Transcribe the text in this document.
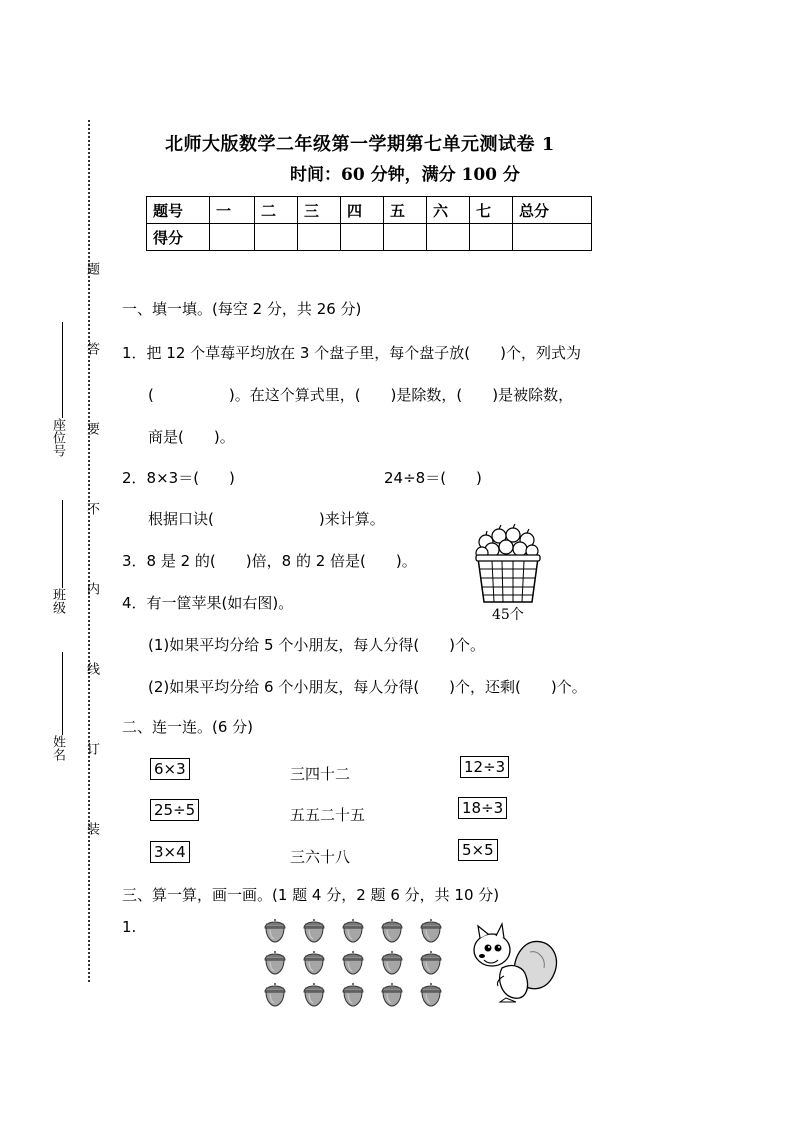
题
答
要
不
内
线
订
装
座位号
班级
姓名
北师大版数学二年级第一学期第七单元测试卷 1
时间：60 分钟，满分 100 分
题号	一	二	三	四	五	六	七	总分
得分								
一、填一填。(每空 2 分，共 26 分)
1．把 12 个草莓平均放在 3 个盘子里，每个盘子放(　　)个，列式为
(　　　　　)。在这个算式里，(　　)是除数，(　　)是被除数，
商是(　　)。
2．8×3＝(　　)	24÷8＝(　　)
根据口诀(　　　　　　　)来计算。
3．8 是 2 的(　　)倍，8 的 2 倍是(　　)。
45个
4．有一筐苹果(如右图)。
(1)如果平均分给 5 个小朋友，每人分得(　　)个。
(2)如果平均分给 6 个小朋友，每人分得(　　)个，还剩(　　)个。
二、连一连。(6 分)
6×3
25÷5
3×4
三四十二
五五二十五
三六十八
12÷3
18÷3
5×5
三、算一算，画一画。(1 题 4 分，2 题 6 分，共 10 分)
1.
